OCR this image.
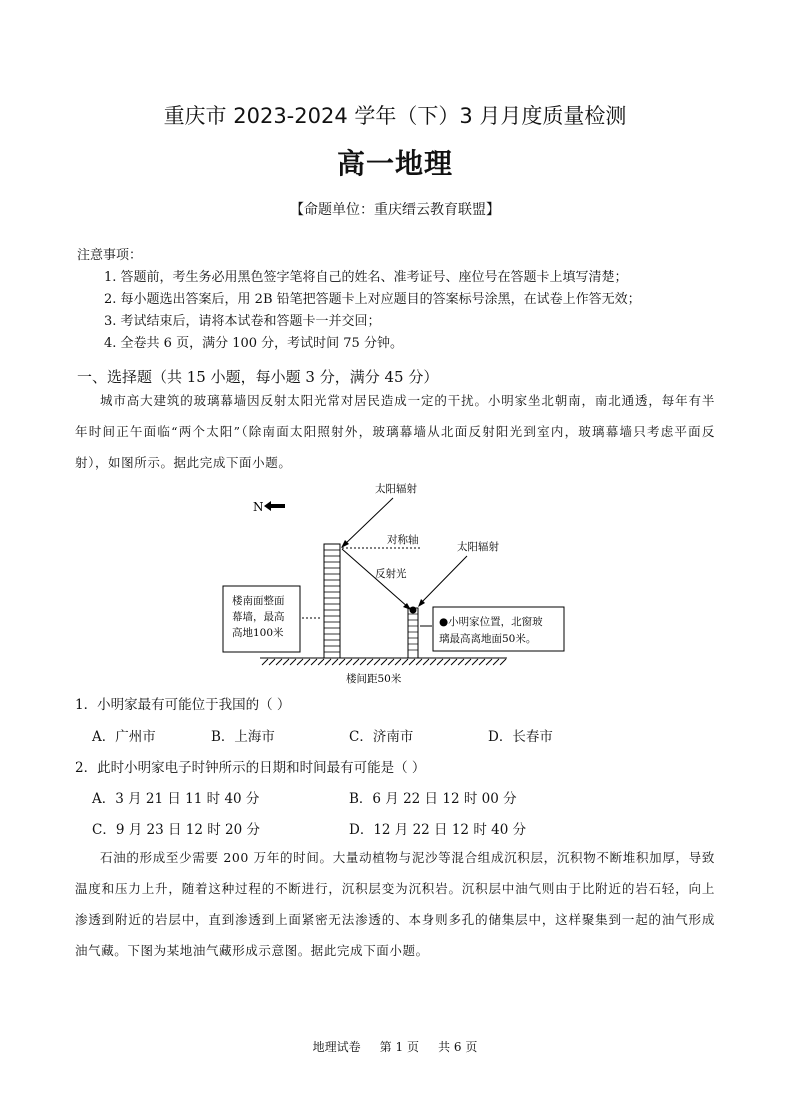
重庆市 2023-2024 学年（下）3 月月度质量检测
高一地理
【命题单位：重庆缙云教育联盟】
注意事项：
1. 答题前，考生务必用黑色签字笔将自己的姓名、准考证号、座位号在答题卡上填写清楚；
2. 每小题选出答案后，用 2B 铅笔把答题卡上对应题目的答案标号涂黑，在试卷上作答无效；
3. 考试结束后，请将本试卷和答题卡一并交回；
4. 全卷共 6 页，满分 100 分，考试时间 75 分钟。
一、选择题（共 15 小题，每小题 3 分，满分 45 分）
城市高大建筑的玻璃幕墙因反射太阳光常对居民造成一定的干扰。小明家坐北朝南，南北通透，每年有半年时间正午面临“两个太阳”（除南面太阳照射外，玻璃幕墙从北面反射阳光到室内，玻璃幕墙只考虑平面反射），如图所示。据此完成下面小题。
N
太阳辐射
对称轴
反射光
太阳辐射
楼南面整面
幕墙，最高
高地100米
●小明家位置，北窗玻
璃最高离地面50米。
楼间距50米
1．小明家最有可能位于我国的（ ）
A．广州市	B．上海市	C．济南市	D．长春市
2．此时小明家电子时钟所示的日期和时间最有可能是（ ）
A．3 月 21 日 11 时 40 分	B．6 月 22 日 12 时 00 分
C．9 月 23 日 12 时 20 分	D．12 月 22 日 12 时 40 分
石油的形成至少需要 200 万年的时间。大量动植物与泥沙等混合组成沉积层，沉积物不断堆积加厚，导致温度和压力上升，随着这种过程的不断进行，沉积层变为沉积岩。沉积层中油气则由于比附近的岩石轻，向上渗透到附近的岩层中，直到渗透到上面紧密无法渗透的、本身则多孔的储集层中，这样聚集到一起的油气形成油气藏。下图为某地油气藏形成示意图。据此完成下面小题。
地理试卷 第 1 页 共 6 页
